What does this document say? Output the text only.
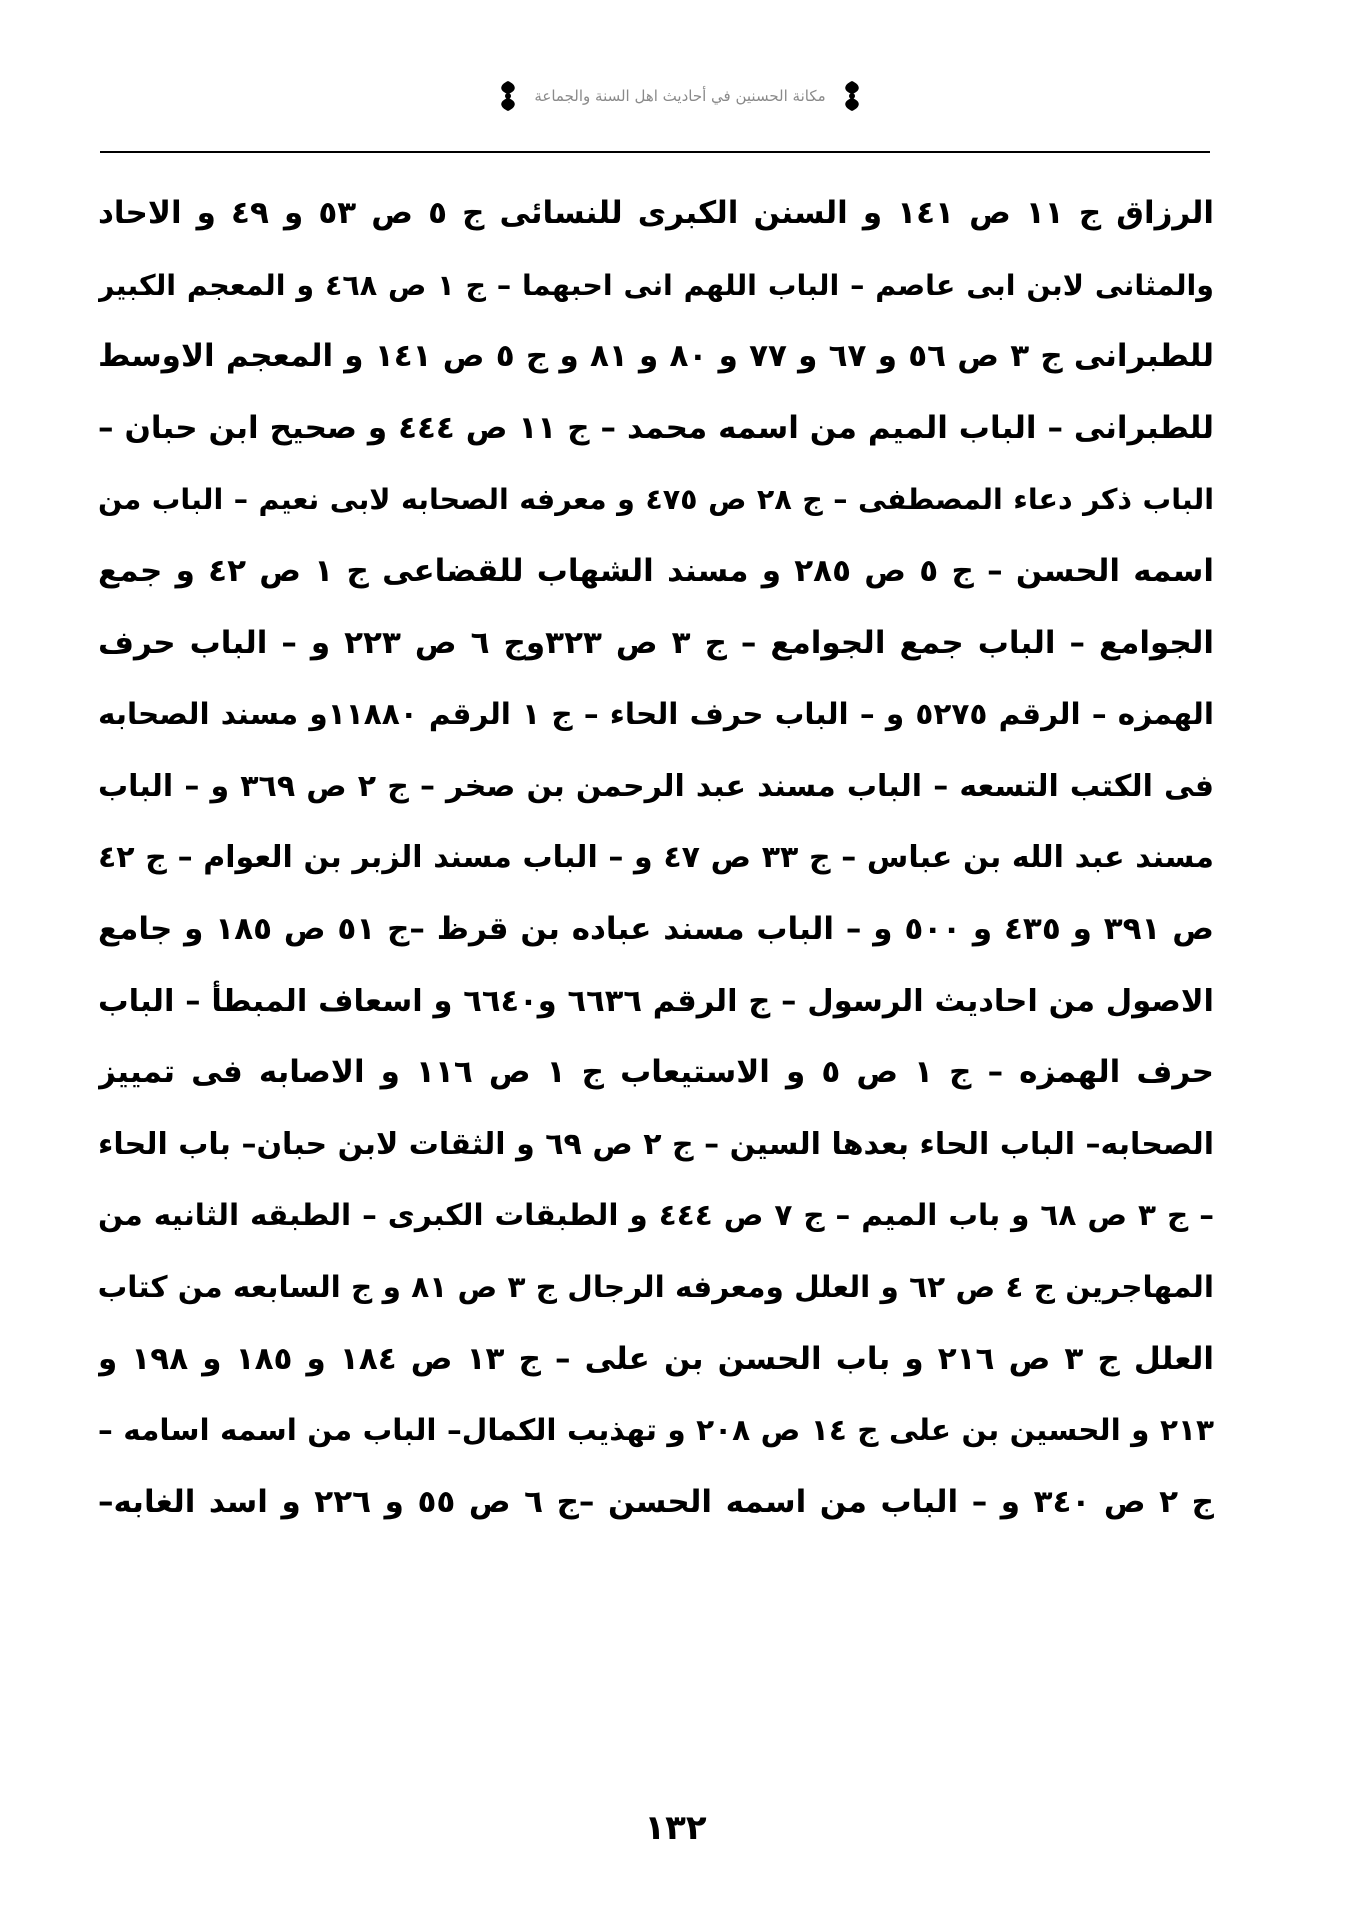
مكانة الحسنين في أحاديث اهل السنة والجماعة
الرزاق ج ١١ ص ١٤١ و السنن الكبرى للنسائى ج ٥ ص ٥٣ و ٤٩ و الاحاد
والمثانى لابن ابى عاصم – الباب اللهم انى احبهما – ج ١ ص ٤٦٨ و المعجم الكبير
للطبرانى ج ٣ ص ٥٦ و ٦٧ و ٧٧ و ٨٠ و ٨١ و ج ٥ ص ١٤١ و المعجم الاوسط
للطبرانى – الباب الميم من اسمه محمد – ج ١١ ص ٤٤٤ و صحيح ابن حبان –
الباب ذكر دعاء المصطفى – ج ٢٨ ص ٤٧٥ و معرفه الصحابه لابى نعيم – الباب من
اسمه الحسن – ج ٥ ص ٢٨٥ و مسند الشهاب للقضاعى ج ١ ص ٤٢ و جمع
الجوامع – الباب جمع الجوامع – ج ٣ ص ٣٢٣وج ٦ ص ٢٢٣ و – الباب حرف
الهمزه – الرقم ٥٢٧٥ و – الباب حرف الحاء – ج ١ الرقم ١١٨٨٠و مسند الصحابه
فى الكتب التسعه – الباب مسند عبد الرحمن بن صخر – ج ٢ ص ٣٦٩ و – الباب
مسند عبد الله بن عباس – ج ٣٣ ص ٤٧ و – الباب مسند الزبر بن العوام – ج ٤٢
ص ٣٩١ و ٤٣٥ و ٥٠٠ و – الباب مسند عباده بن قرظ –ج ٥١ ص ١٨٥ و جامع
الاصول من احاديث الرسول – ج الرقم ٦٦٣٦ و٦٦٤٠ و اسعاف المبطأ – الباب
حرف الهمزه – ج ١ ص ٥ و الاستيعاب ج ١ ص ١١٦ و الاصابه فى تمييز
الصحابه– الباب الحاء بعدها السين – ج ٢ ص ٦٩ و الثقات لابن حبان– باب الحاء
– ج ٣ ص ٦٨ و باب الميم – ج ٧ ص ٤٤٤ و الطبقات الكبرى – الطبقه الثانيه من
المهاجرين ج ٤ ص ٦٢ و العلل ومعرفه الرجال ج ٣ ص ٨١ و ج السابعه من كتاب
العلل ج ٣ ص ٢١٦ و باب الحسن بن على – ج ١٣ ص ١٨٤ و ١٨٥ و ١٩٨ و
٢١٣ و الحسين بن على ج ١٤ ص ٢٠٨ و تهذيب الكمال– الباب من اسمه اسامه –
ج ٢ ص ٣٤٠ و – الباب من اسمه الحسن –ج ٦ ص ٥٥ و ٢٢٦ و اسد الغابه–
١٣٢
